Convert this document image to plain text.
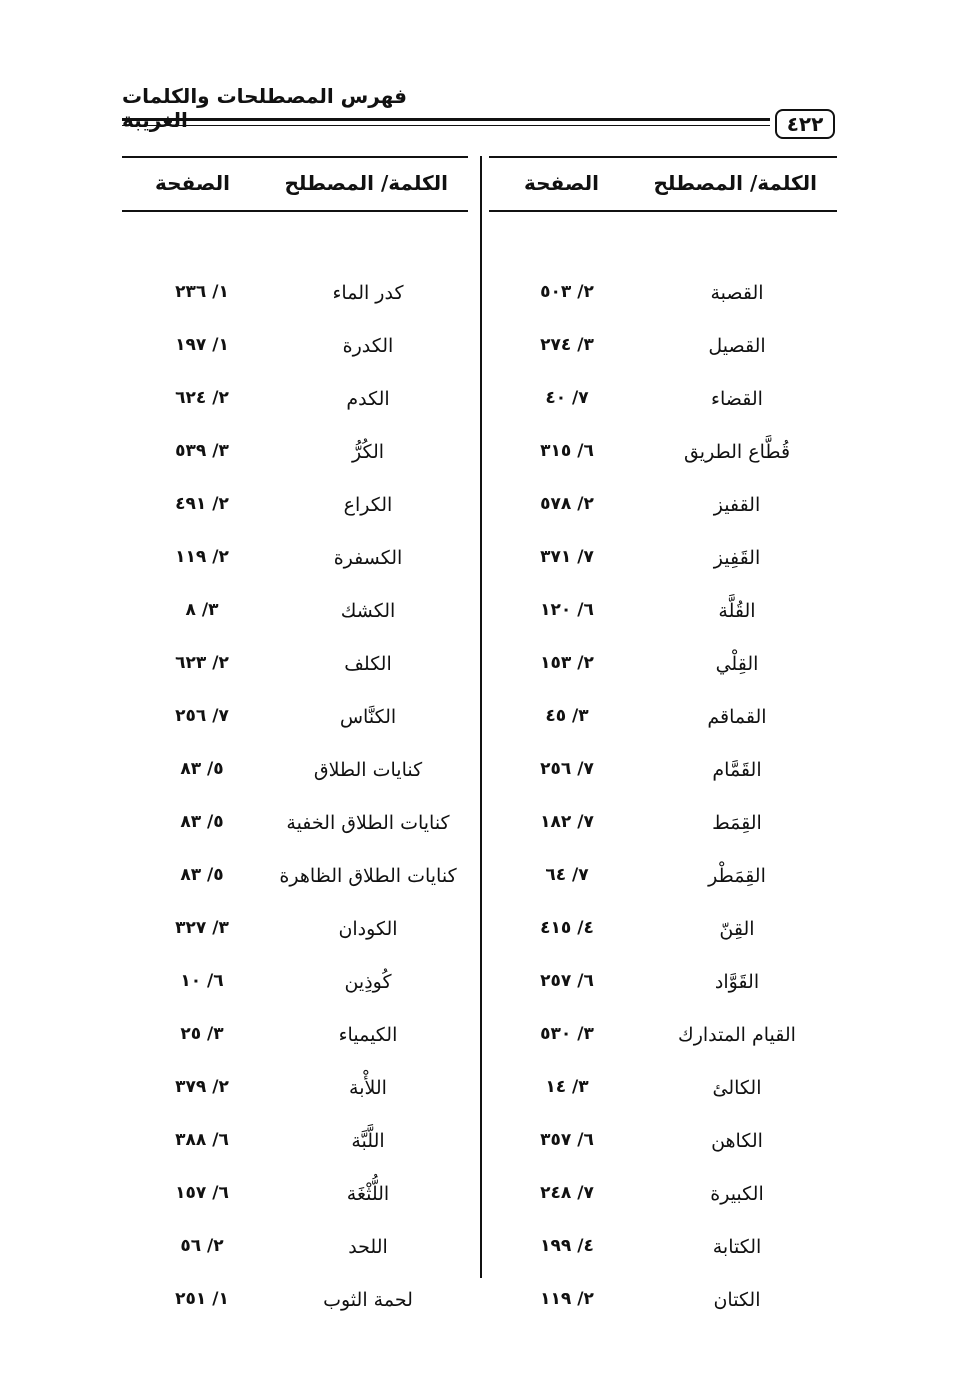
فهرس المصطلحات والكلمات الغريبة	٤٢٢
الكلمة/ المصطلح
الصفحة
القصبة
٢/ ٥٠٣
القصيل
٣/ ٢٧٤
القضاء
٧/ ٤٠
قُطَّاع الطريق
٦/ ٣١٥
القفيز
٢/ ٥٧٨
القَفِيز
٧/ ٣٧١
القُلَّة
٦/ ١٢٠
القِلْي
٢/ ١٥٣
القماقم
٣/ ٤٥
القَمَّام
٧/ ٢٥٦
القِمَط
٧/ ١٨٢
القِمَطْر
٧/ ٦٤
القِنّ
٤/ ٤١٥
القَوَّاد
٦/ ٢٥٧
القيام المتدارك
٣/ ٥٣٠
الكالئ
٣/ ١٤
الكاهن
٦/ ٣٥٧
الكبيرة
٧/ ٢٤٨
الكتابة
٤/ ١٩٩
الكتان
٢/ ١١٩
الكلمة/ المصطلح
الصفحة
كدر الماء
١/ ٢٣٦
الكدرة
١/ ١٩٧
الكدم
٢/ ٦٢٤
الكُرُّ
٣/ ٥٣٩
الكراع
٢/ ٤٩١
الكسفرة
٢/ ١١٩
الكشك
٣/ ٨
الكلف
٢/ ٦٢٣
الكنَّاس
٧/ ٢٥٦
كنايات الطلاق
٥/ ٨٣
كنايات الطلاق الخفية
٥/ ٨٣
كنايات الطلاق الظاهرة
٥/ ٨٣
الكودان
٣/ ٣٢٧
كُوذِين
٦/ ١٠
الكيمياء
٣/ ٢٥
اللأْبة
٢/ ٣٧٩
اللَّبَّة
٦/ ٣٨٨
اللُّثْغَة
٦/ ١٥٧
اللحد
٢/ ٥٦
لحمة الثوب
١/ ٢٥١
